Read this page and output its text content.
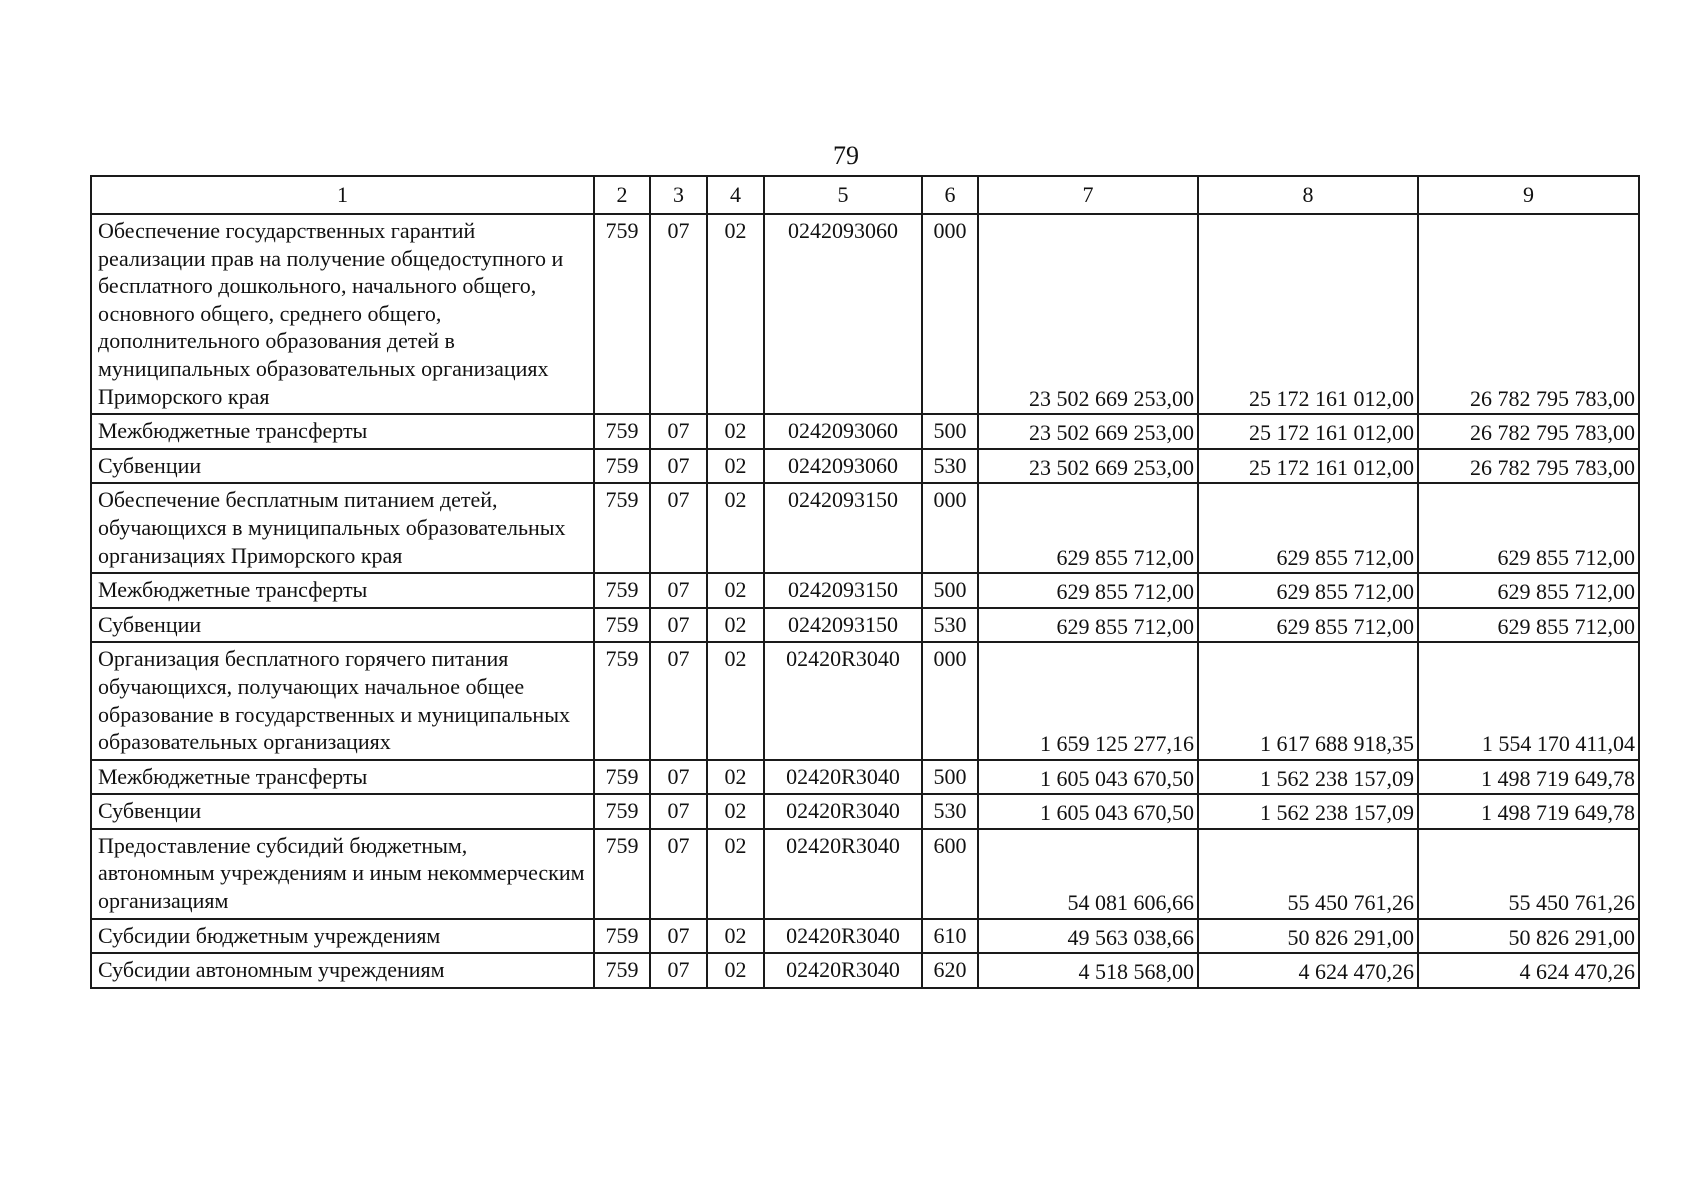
79
1	2	3	4	5	6	7	8	9
Обеспечение государственных гарантий реализации прав на получение общедоступного и бесплатного дошкольного, начального общего, основного общего, среднего общего, дополнительного образования детей в муниципальных образовательных организациях Приморского края	759	07	02	0242093060	000	23 502 669 253,00	25 172 161 012,00	26 782 795 783,00
Межбюджетные трансферты	759	07	02	0242093060	500	23 502 669 253,00	25 172 161 012,00	26 782 795 783,00
Субвенции	759	07	02	0242093060	530	23 502 669 253,00	25 172 161 012,00	26 782 795 783,00
Обеспечение бесплатным питанием детей, обучающихся в муниципальных образовательных организациях Приморского края	759	07	02	0242093150	000	629 855 712,00	629 855 712,00	629 855 712,00
Межбюджетные трансферты	759	07	02	0242093150	500	629 855 712,00	629 855 712,00	629 855 712,00
Субвенции	759	07	02	0242093150	530	629 855 712,00	629 855 712,00	629 855 712,00
Организация бесплатного горячего питания обучающихся, получающих начальное общее образование в государственных и муниципальных образовательных организациях	759	07	02	02420R3040	000	1 659 125 277,16	1 617 688 918,35	1 554 170 411,04
Межбюджетные трансферты	759	07	02	02420R3040	500	1 605 043 670,50	1 562 238 157,09	1 498 719 649,78
Субвенции	759	07	02	02420R3040	530	1 605 043 670,50	1 562 238 157,09	1 498 719 649,78
Предоставление субсидий бюджетным, автономным учреждениям и иным некоммерческим организациям	759	07	02	02420R3040	600	54 081 606,66	55 450 761,26	55 450 761,26
Субсидии бюджетным учреждениям	759	07	02	02420R3040	610	49 563 038,66	50 826 291,00	50 826 291,00
Субсидии автономным учреждениям	759	07	02	02420R3040	620	4 518 568,00	4 624 470,26	4 624 470,26
